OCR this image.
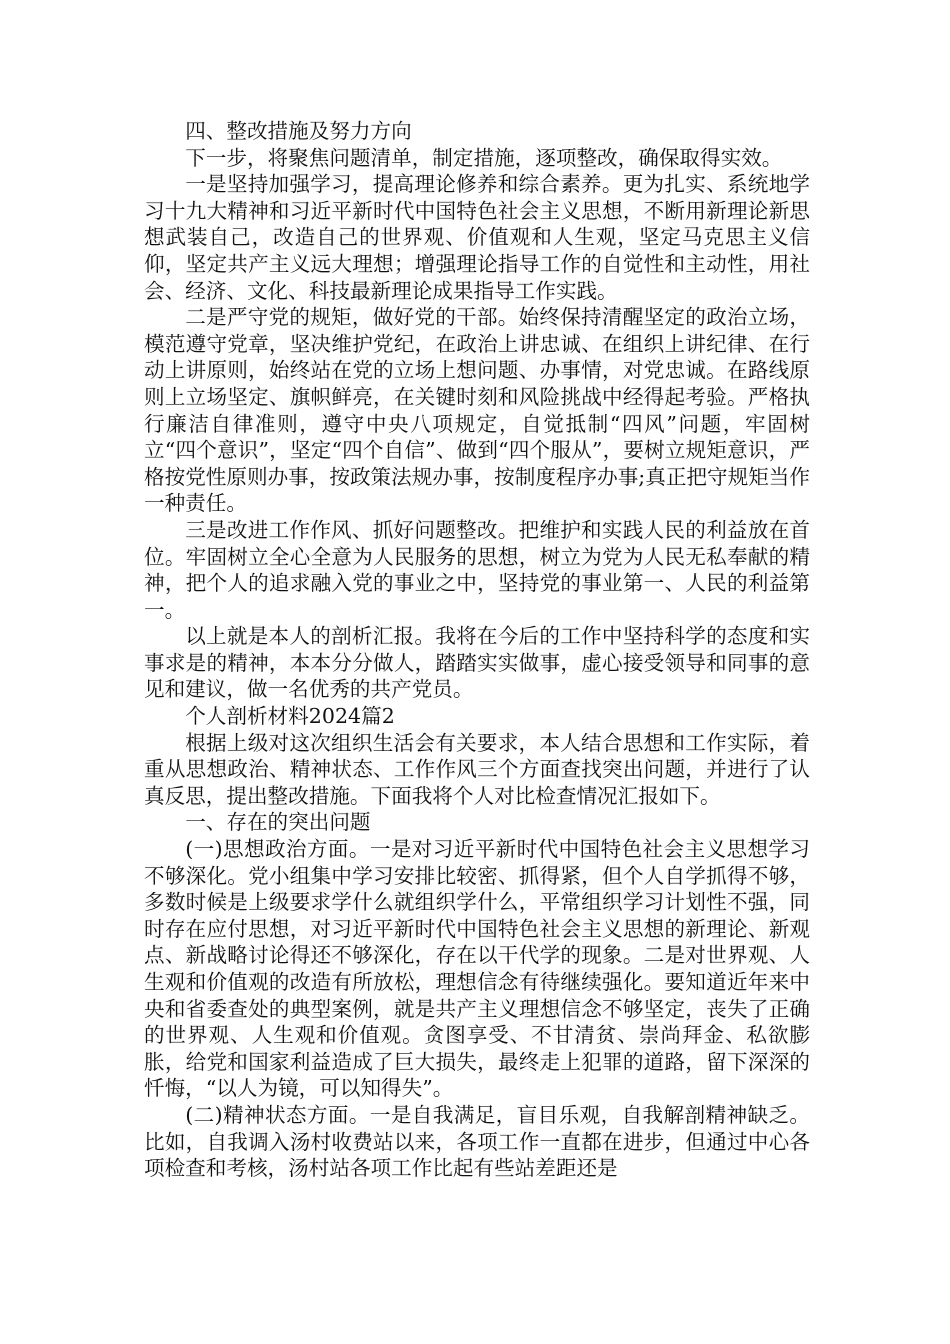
四、整改措施及努力方向

下一步，将聚焦问题清单，制定措施，逐项整改，确保取得实效。

一是坚持加强学习，提高理论修养和综合素养。更为扎实、系统地学习十九大精神和习近平新时代中国特色社会主义思想，不断用新理论新思想武装自己，改造自己的世界观、价值观和人生观，坚定马克思主义信仰，坚定共产主义远大理想；增强理论指导工作的自觉性和主动性，用社会、经济、文化、科技最新理论成果指导工作实践。

二是严守党的规矩，做好党的干部。始终保持清醒坚定的政治立场，模范遵守党章，坚决维护党纪，在政治上讲忠诚、在组织上讲纪律、在行动上讲原则，始终站在党的立场上想问题、办事情，对党忠诚。在路线原则上立场坚定、旗帜鲜亮，在关键时刻和风险挑战中经得起考验。严格执行廉洁自律准则，遵守中央八项规定，自觉抵制“四风”问题，牢固树立“四个意识”，坚定“四个自信”、做到“四个服从”，要树立规矩意识，严格按党性原则办事，按政策法规办事，按制度程序办事;真正把守规矩当作一种责任。

三是改进工作作风、抓好问题整改。把维护和实践人民的利益放在首位。牢固树立全心全意为人民服务的思想，树立为党为人民无私奉献的精神，把个人的追求融入党的事业之中，坚持党的事业第一、人民的利益第一。

以上就是本人的剖析汇报。我将在今后的工作中坚持科学的态度和实事求是的精神，本本分分做人，踏踏实实做事，虚心接受领导和同事的意见和建议，做一名优秀的共产党员。

个人剖析材料2024篇2

根据上级对这次组织生活会有关要求，本人结合思想和工作实际，着重从思想政治、精神状态、工作作风三个方面查找突出问题，并进行了认真反思，提出整改措施。下面我将个人对比检查情况汇报如下。

一、存在的突出问题

(一)思想政治方面。一是对习近平新时代中国特色社会主义思想学习不够深化。党小组集中学习安排比较密、抓得紧，但个人自学抓得不够，多数时候是上级要求学什么就组织学什么，平常组织学习计划性不强，同时存在应付思想，对习近平新时代中国特色社会主义思想的新理论、新观点、新战略讨论得还不够深化，存在以干代学的现象。二是对世界观、人生观和价值观的改造有所放松，理想信念有待继续强化。要知道近年来中央和省委查处的典型案例，就是共产主义理想信念不够坚定，丧失了正确的世界观、人生观和价值观。贪图享受、不甘清贫、崇尚拜金、私欲膨胀，给党和国家利益造成了巨大损失，最终走上犯罪的道路，留下深深的忏悔，“以人为镜，可以知得失”。

(二)精神状态方面。一是自我满足，盲目乐观，自我解剖精神缺乏。比如，自我调入汤村收费站以来，各项工作一直都在进步，但通过中心各项检查和考核，汤村站各项工作比起有些站差距还是
